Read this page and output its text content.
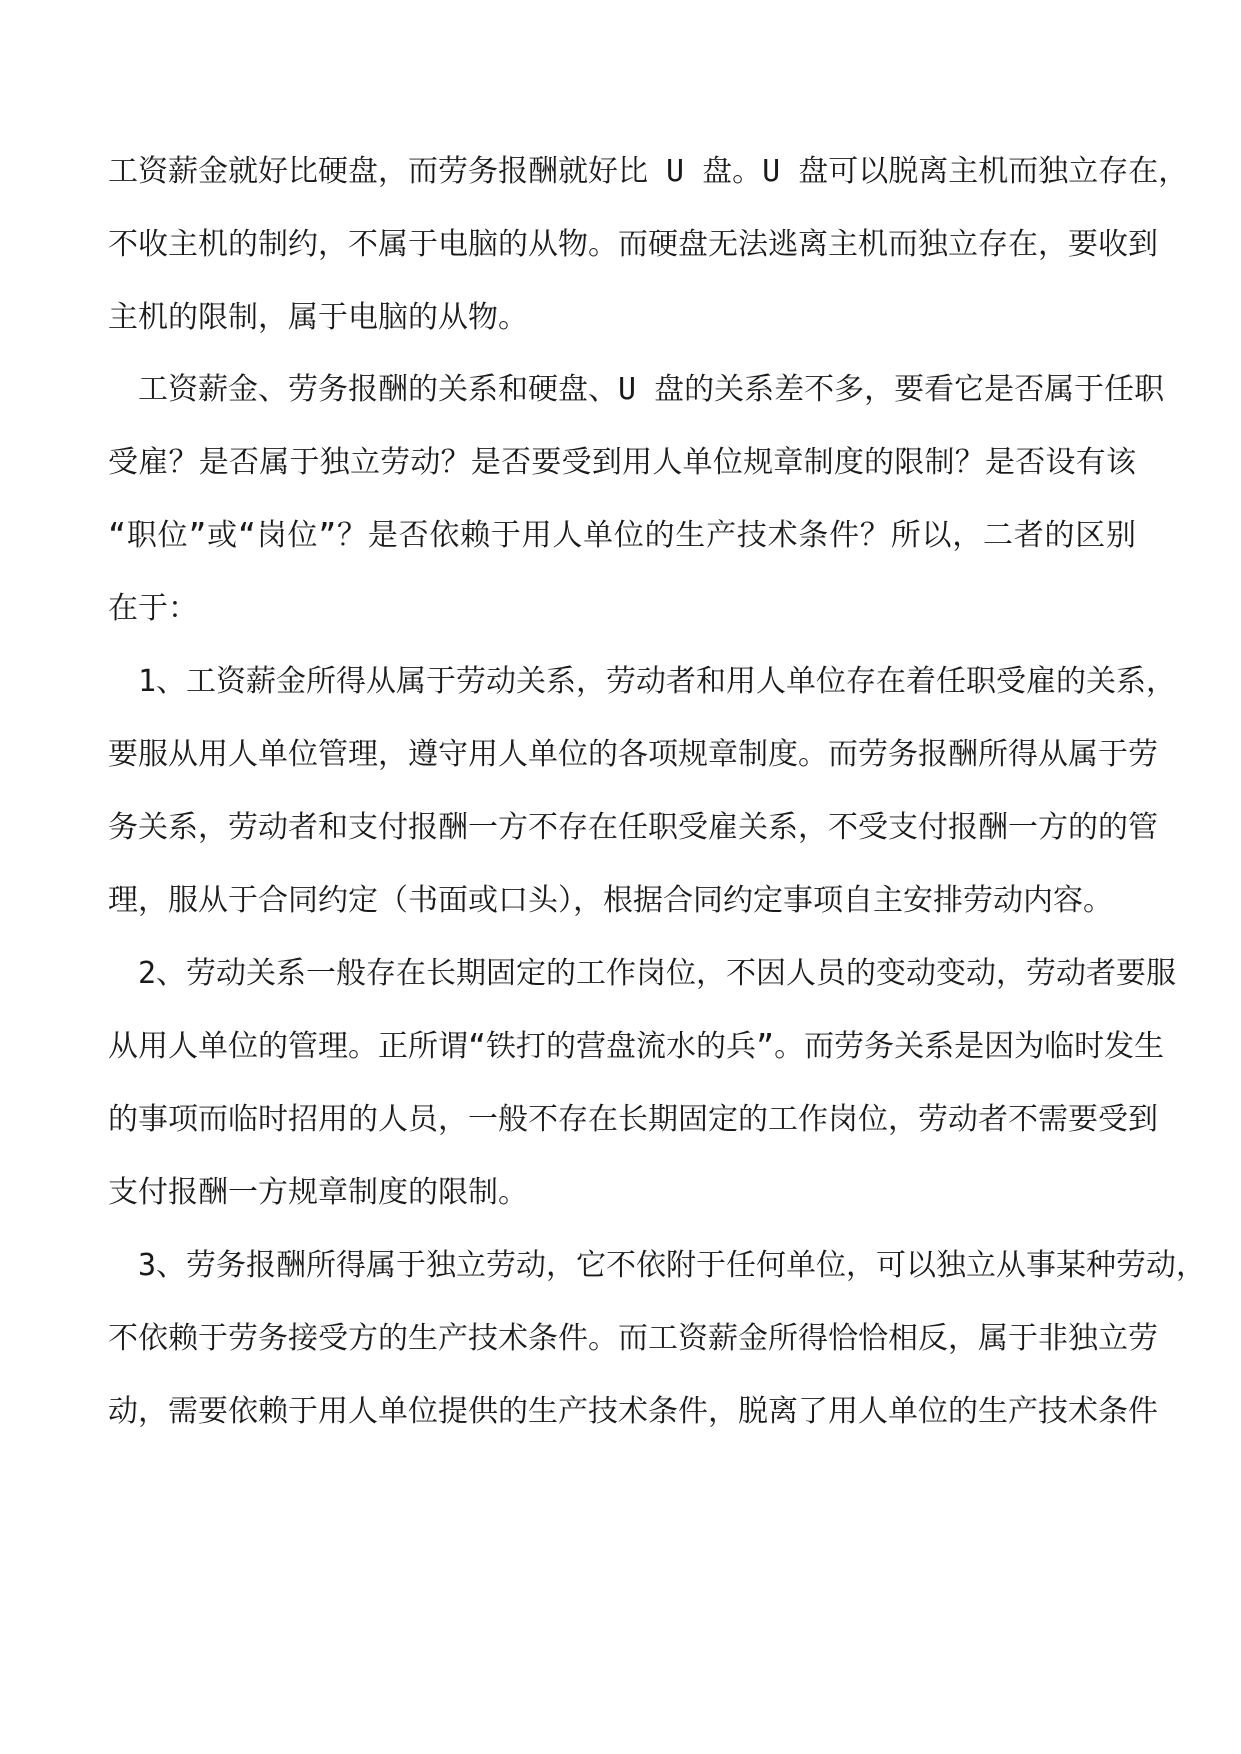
工资薪金就好比硬盘，而劳务报酬就好比 U 盘。U 盘可以脱离主机而独立存在，
不收主机的制约，不属于电脑的从物。而硬盘无法逃离主机而独立存在，要收到
主机的限制，属于电脑的从物。
工资薪金、劳务报酬的关系和硬盘、U 盘的关系差不多，要看它是否属于任职
受雇？是否属于独立劳动？是否要受到用人单位规章制度的限制？是否设有该
“职位”或“岗位”？是否依赖于用人单位的生产技术条件？所以，二者的区别
在于：
1、工资薪金所得从属于劳动关系，劳动者和用人单位存在着任职受雇的关系，
要服从用人单位管理，遵守用人单位的各项规章制度。而劳务报酬所得从属于劳
务关系，劳动者和支付报酬一方不存在任职受雇关系，不受支付报酬一方的的管
理，服从于合同约定（书面或口头），根据合同约定事项自主安排劳动内容。
2、劳动关系一般存在长期固定的工作岗位，不因人员的变动变动，劳动者要服
从用人单位的管理。正所谓“铁打的营盘流水的兵”。而劳务关系是因为临时发生
的事项而临时招用的人员，一般不存在长期固定的工作岗位，劳动者不需要受到
支付报酬一方规章制度的限制。
3、劳务报酬所得属于独立劳动，它不依附于任何单位，可以独立从事某种劳动，
不依赖于劳务接受方的生产技术条件。而工资薪金所得恰恰相反，属于非独立劳
动，需要依赖于用人单位提供的生产技术条件，脱离了用人单位的生产技术条件
